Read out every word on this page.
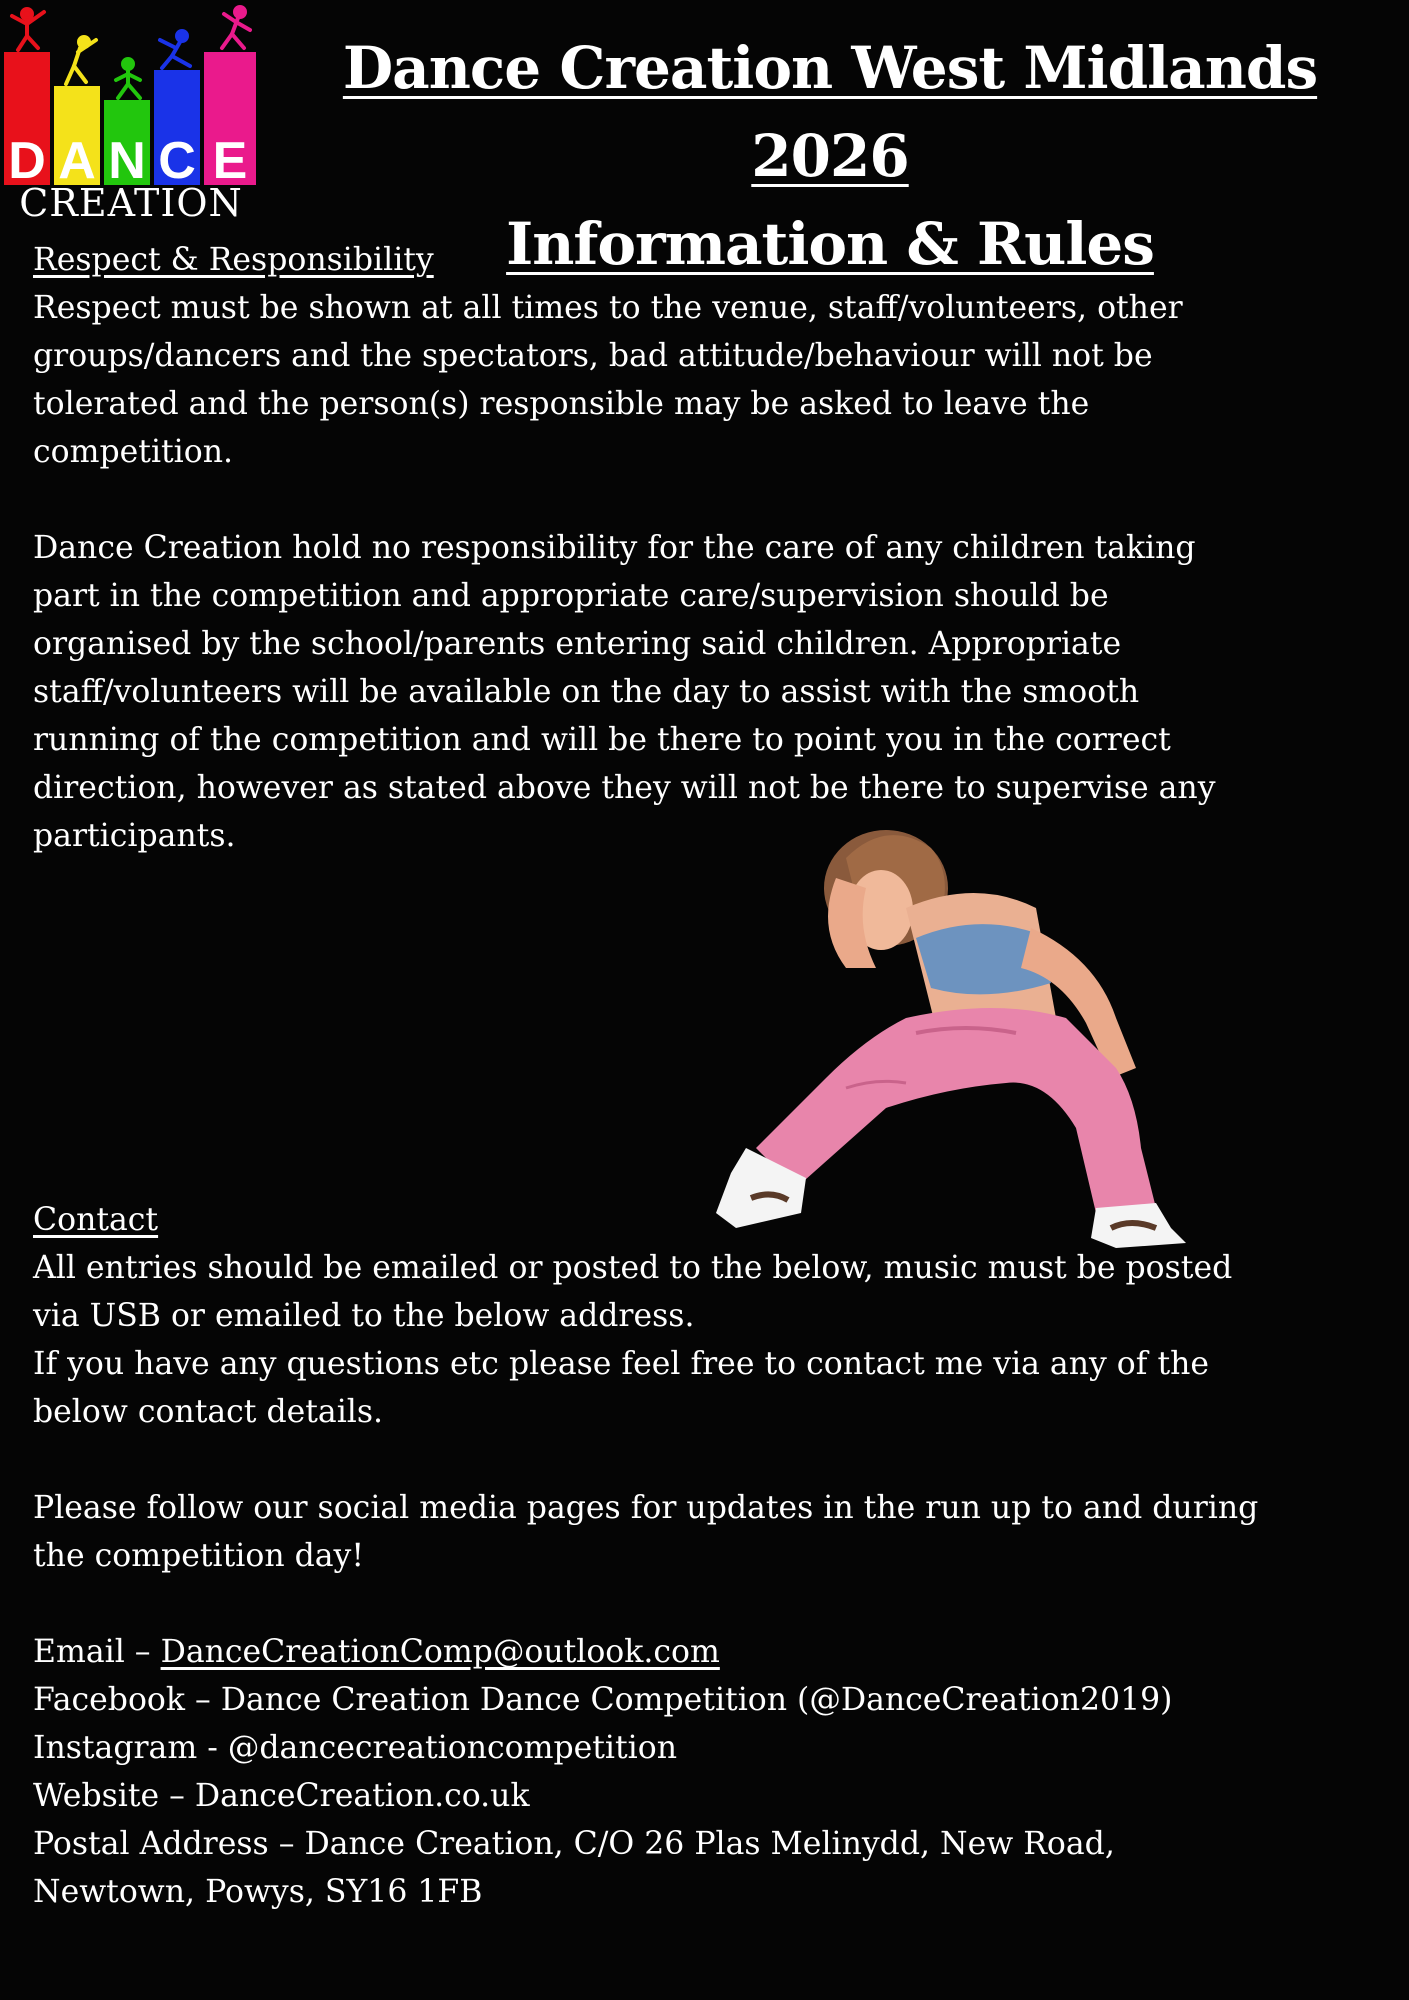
D A N C E
CREATION
Dance Creation West Midlands 2026
Information & Rules
Respect & Responsibility
Respect must be shown at all times to the venue, staff/volunteers, other
groups/dancers and the spectators, bad attitude/behaviour will not be
tolerated and the person(s) responsible may be asked to leave the
competition.
Dance Creation hold no responsibility for the care of any children taking
part in the competition and appropriate care/supervision should be
organised by the school/parents entering said children. Appropriate
staff/volunteers will be available on the day to assist with the smooth
running of the competition and will be there to point you in the correct
direction, however as stated above they will not be there to supervise any
participants.
Contact
All entries should be emailed or posted to the below, music must be posted
via USB or emailed to the below address.
If you have any questions etc please feel free to contact me via any of the
below contact details.
Please follow our social media pages for updates in the run up to and during
the competition day!
Email – DanceCreationComp@outlook.com
Facebook – Dance Creation Dance Competition (@DanceCreation2019)
Instagram - @dancecreationcompetition
Website – DanceCreation.co.uk
Postal Address – Dance Creation, C/O 26 Plas Melinydd, New Road,
Newtown, Powys, SY16 1FB
